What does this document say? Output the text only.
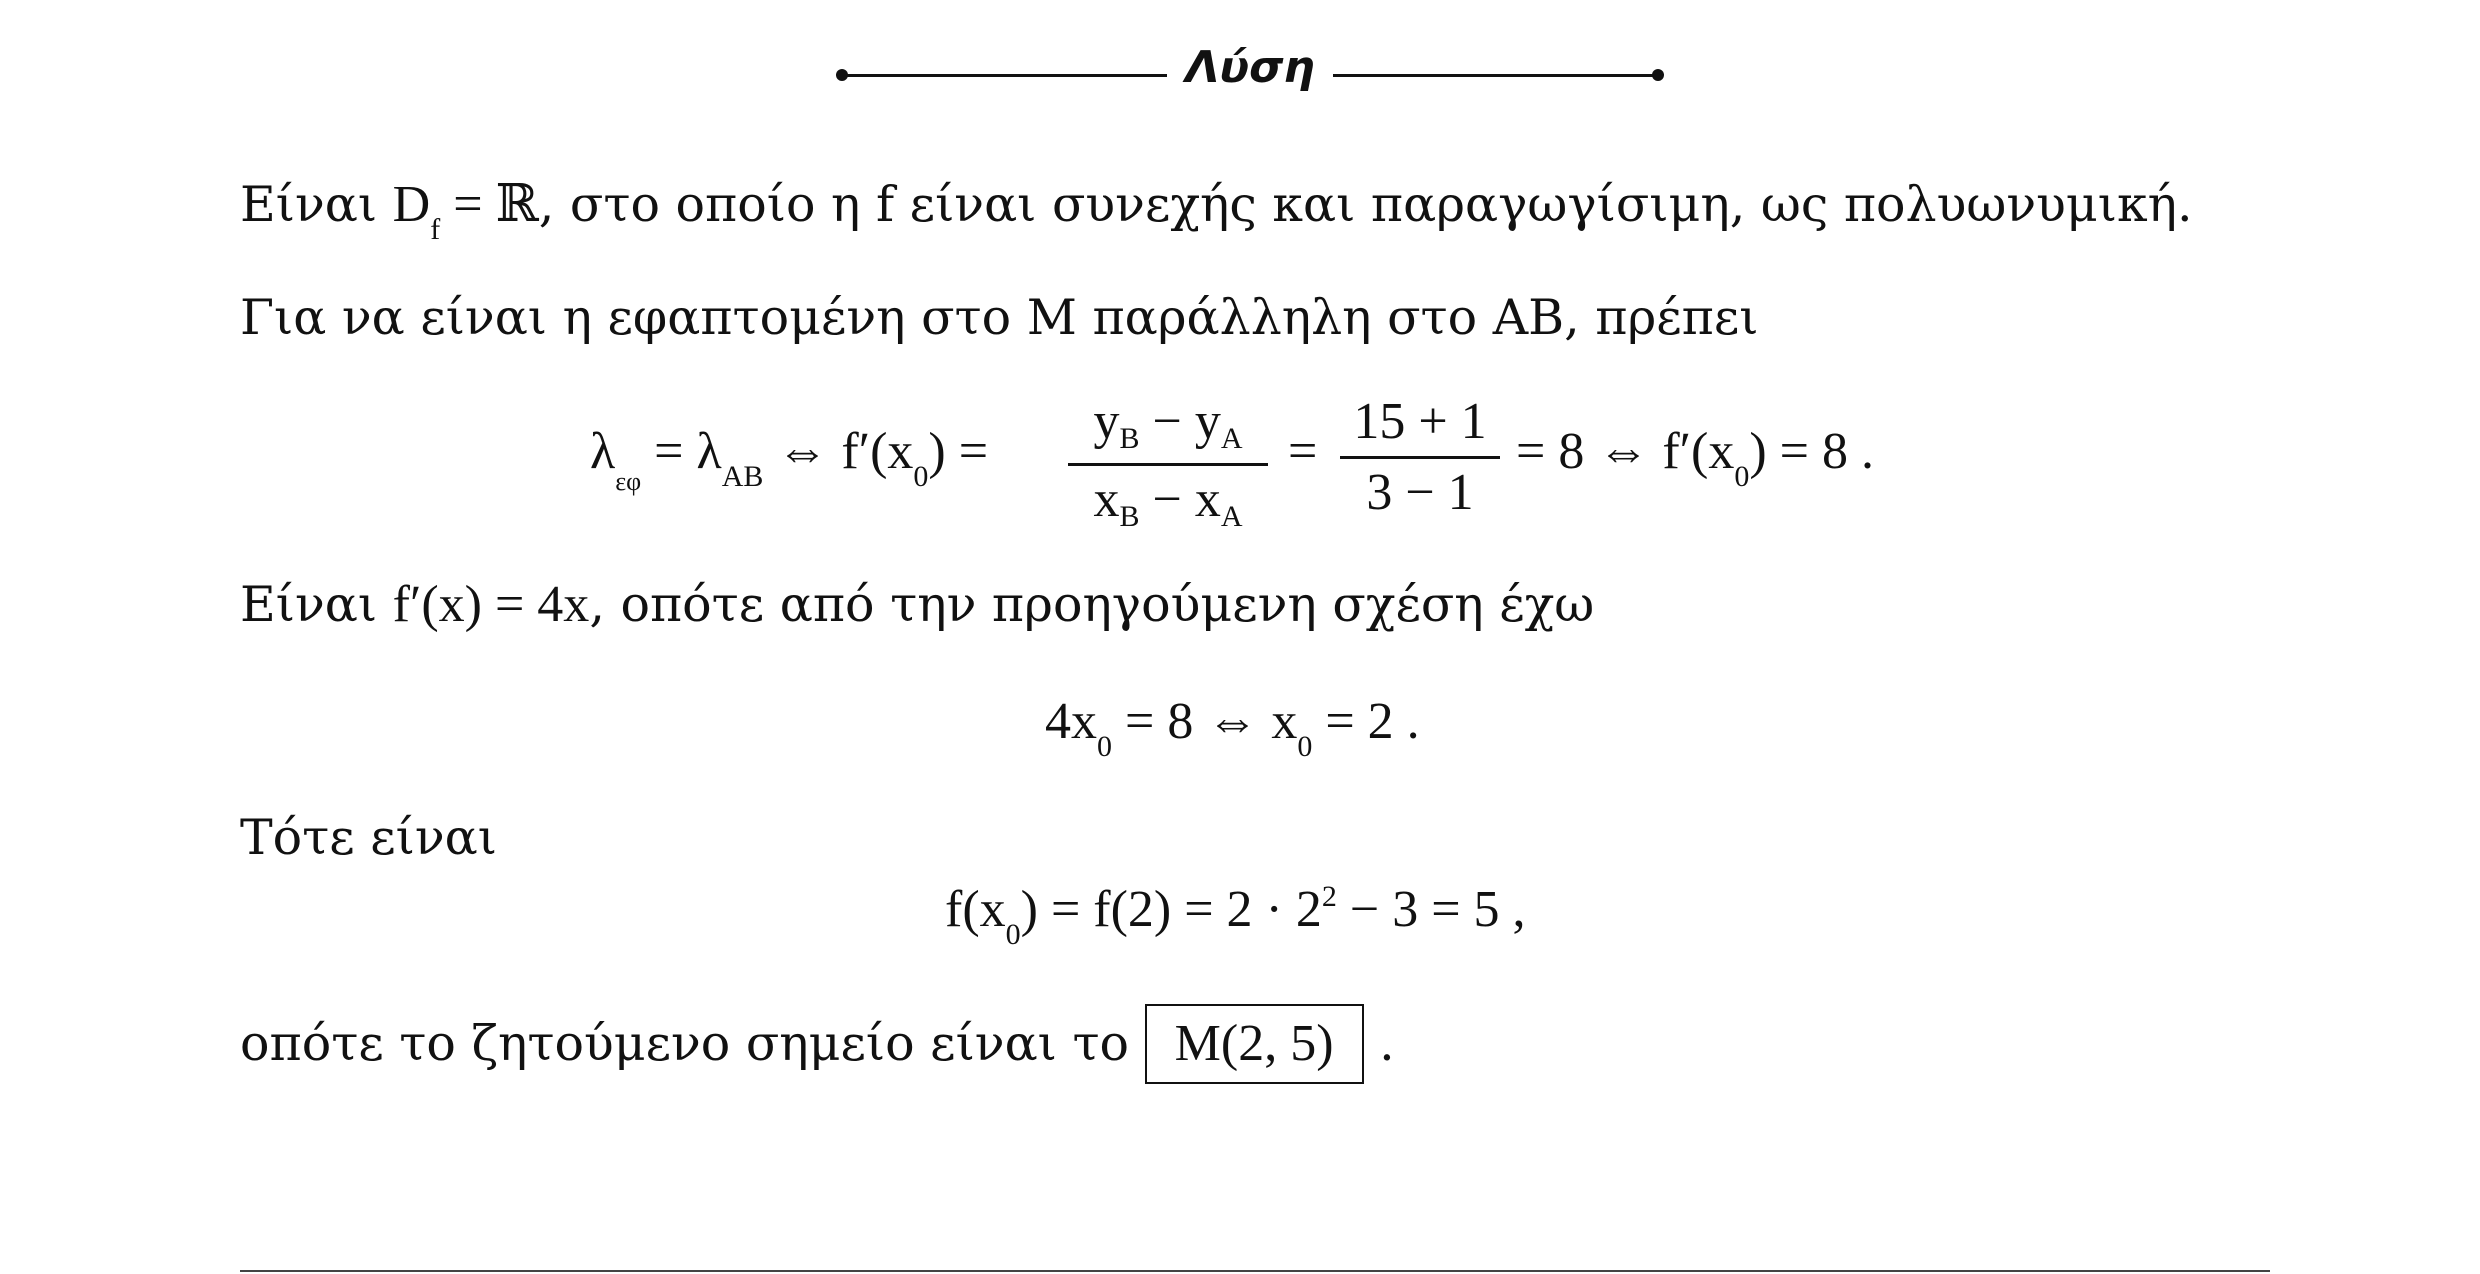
Λύση
Είναι $D_f$ = ℝ, στο οποίο η f είναι συνεχής και παραγωγίσιμη, ως πολυωνυμική.
Για να είναι η εφαπτομένη στο M παράλληλη στο AB, πρέπει
$\lambda_{\varepsilon\varphi} = \lambda_{AB}$ ⇔ $f'(x_0)$ =
yB − yA
xB − xA
=
15 + 1
3 − 1
= 8 ⇔ $f'(x_0) = 8$ .
Είναι f′(x) = 4x, οπότε από την προηγούμενη σχέση έχω
$4x_0 = 8$ ⇔ $x_0 = 2$ .
Τότε είναι
$f(x_0) = f(2) = 2 \cdot 2^2 - 3 = 5$ ,
οπότε το ζητούμενο σημείο είναι το M(2, 5) .
